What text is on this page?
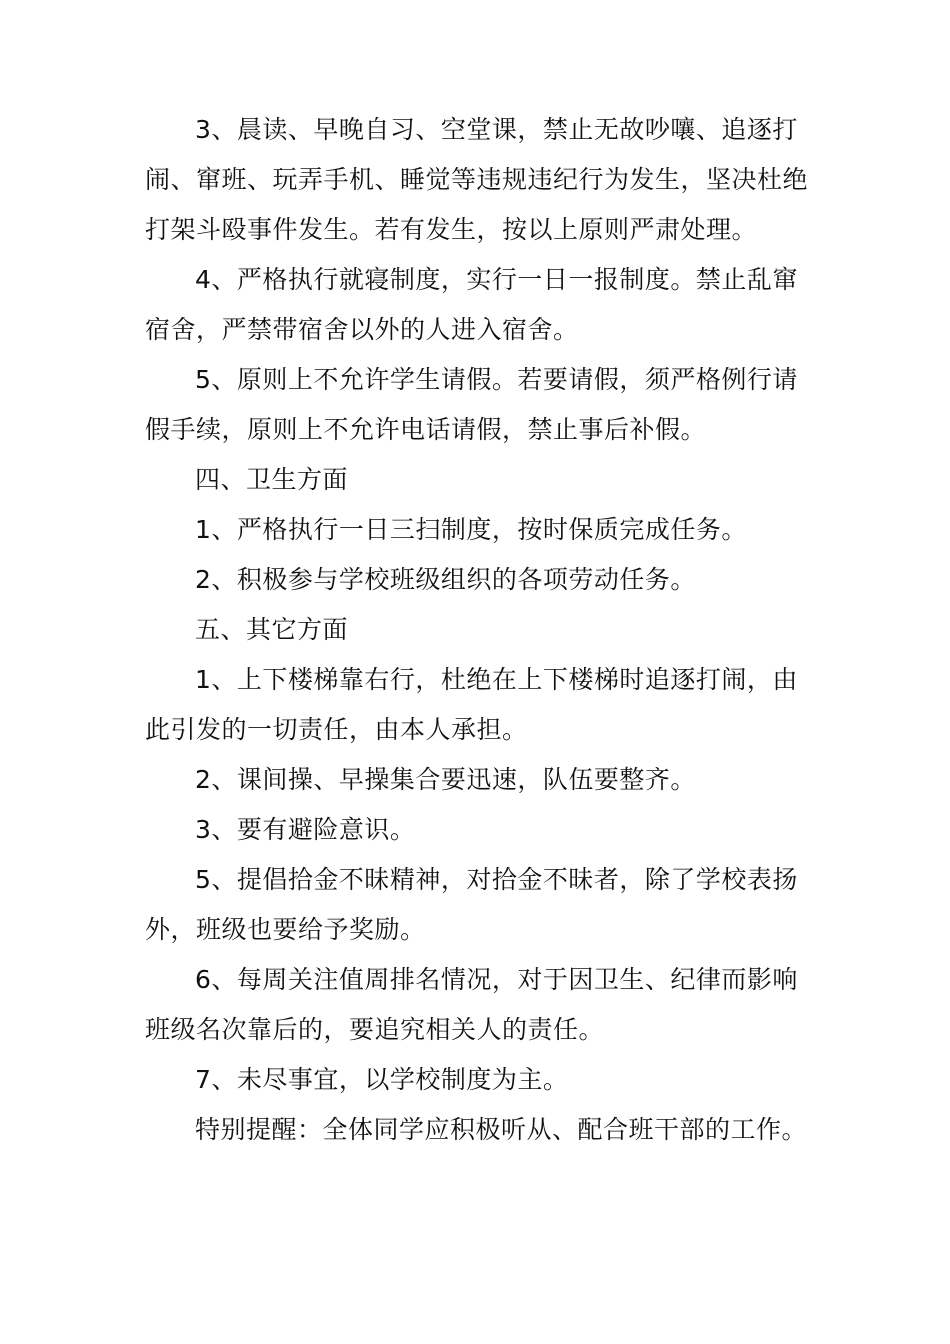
3、晨读、早晚自习、空堂课，禁止无故吵嚷、追逐打闹、窜班、玩弄手机、睡觉等违规违纪行为发生，坚决杜绝打架斗殴事件发生。若有发生，按以上原则严肃处理。

4、严格执行就寝制度，实行一日一报制度。禁止乱窜宿舍，严禁带宿舍以外的人进入宿舍。

5、原则上不允许学生请假。若要请假，须严格例行请假手续，原则上不允许电话请假，禁止事后补假。

四、卫生方面

1、严格执行一日三扫制度，按时保质完成任务。

2、积极参与学校班级组织的各项劳动任务。

五、其它方面

1、上下楼梯靠右行，杜绝在上下楼梯时追逐打闹，由此引发的一切责任，由本人承担。

2、课间操、早操集合要迅速，队伍要整齐。

3、要有避险意识。

5、提倡拾金不昧精神，对拾金不昧者，除了学校表扬外，班级也要给予奖励。

6、每周关注值周排名情况，对于因卫生、纪律而影响班级名次靠后的，要追究相关人的责任。

7、未尽事宜，以学校制度为主。

特别提醒：全体同学应积极听从、配合班干部的工作。
